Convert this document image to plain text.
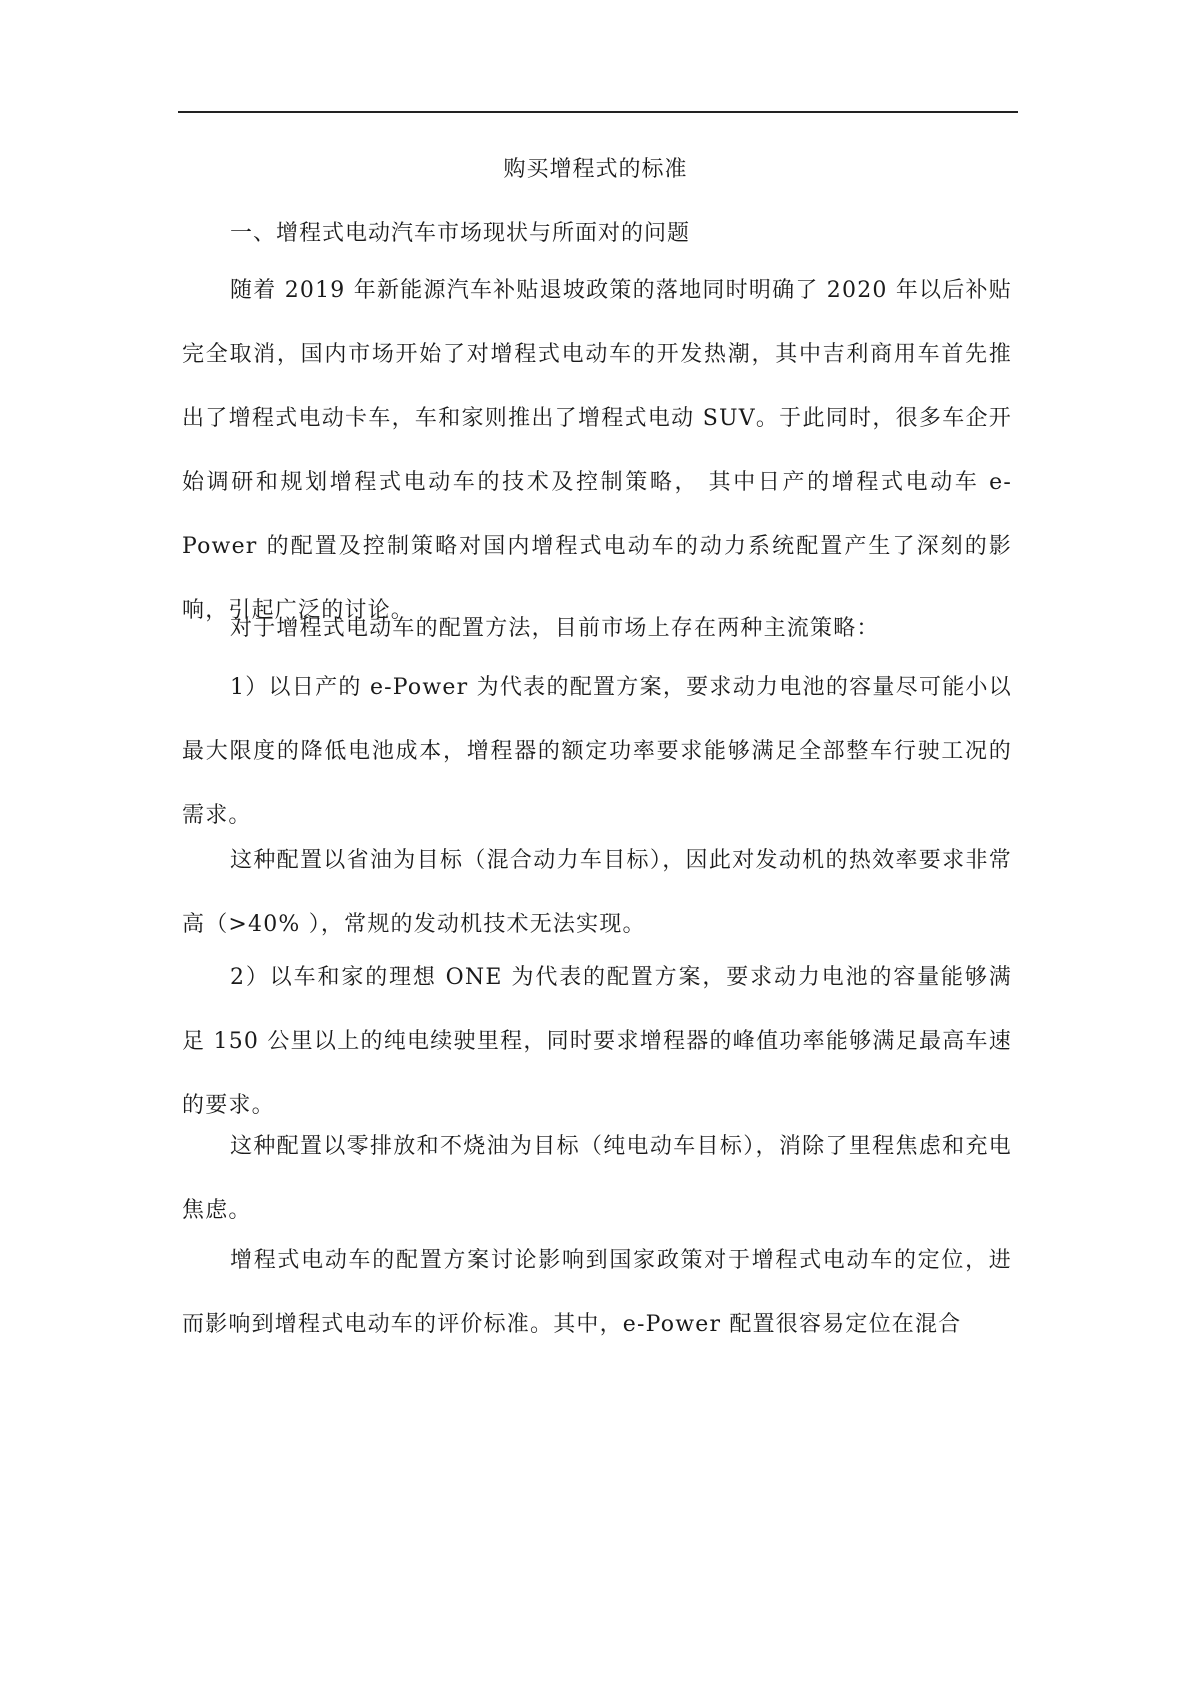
购买增程式的标准
一、增程式电动汽车市场现状与所面对的问题

随着 2019 年新能源汽车补贴退坡政策的落地同时明确了 2020 年以后补贴完全取消，国内市场开始了对增程式电动车的开发热潮，其中吉利商用车首先推出了增程式电动卡车，车和家则推出了增程式电动 SUV。于此同时，很多车企开始调研和规划增程式电动车的技术及控制策略， 其中日产的增程式电动车 e-Power 的配置及控制策略对国内增程式电动车的动力系统配置产生了深刻的影响，引起广泛的讨论。

对于增程式电动车的配置方法，目前市场上存在两种主流策略：

1）以日产的 e-Power 为代表的配置方案，要求动力电池的容量尽可能小以最大限度的降低电池成本，增程器的额定功率要求能够满足全部整车行驶工况的需求。

这种配置以省油为目标（混合动力车目标），因此对发动机的热效率要求非常高（>40% ），常规的发动机技术无法实现。

2）以车和家的理想 ONE 为代表的配置方案，要求动力电池的容量能够满足 150 公里以上的纯电续驶里程，同时要求增程器的峰值功率能够满足最高车速的要求。

这种配置以零排放和不烧油为目标（纯电动车目标），消除了里程焦虑和充电焦虑。

增程式电动车的配置方案讨论影响到国家政策对于增程式电动车的定位，进而影响到增程式电动车的评价标准。其中，e-Power 配置很容易定位在混合
